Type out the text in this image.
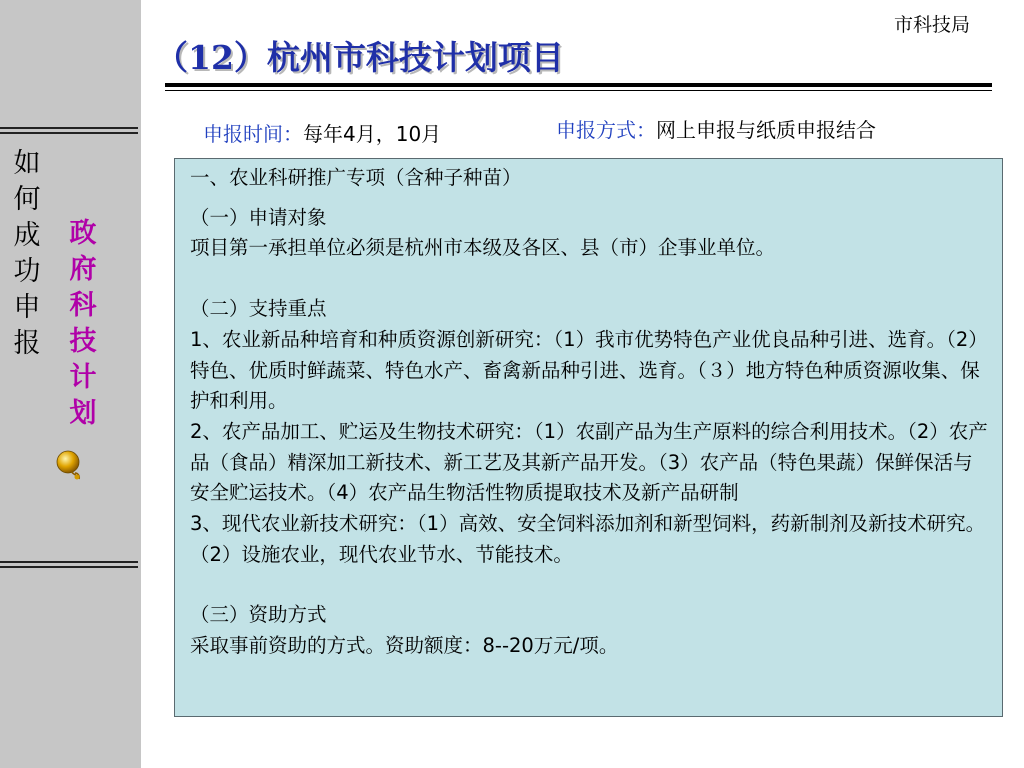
如何成功申报
政府科技计划
市科技局
（12）杭州市科技计划项目
申报时间：每年4月，10月	申报方式：网上申报与纸质申报结合

一、农业科研推广专项（含种子种苗）

（一）申请对象

项目第一承担单位必须是杭州市本级及各区、县（市）企事业单位。

（二）支持重点

1、农业新品种培育和种质资源创新研究：（1）我市优势特色产业优良品种引进、选育。（2）特色、优质时鲜蔬菜、特色水产、畜禽新品种引进、选育。（３）地方特色种质资源收集、保护和利用。

2、农产品加工、贮运及生物技术研究：（1）农副产品为生产原料的综合利用技术。（2）农产品（食品）精深加工新技术、新工艺及其新产品开发。（3）农产品（特色果蔬）保鲜保活与安全贮运技术。（4）农产品生物活性物质提取技术及新产品研制

3、现代农业新技术研究：（1）高效、安全饲料添加剂和新型饲料，药新制剂及新技术研究。（2）设施农业，现代农业节水、节能技术。

（三）资助方式

采取事前资助的方式。资助额度：8--20万元/项。
